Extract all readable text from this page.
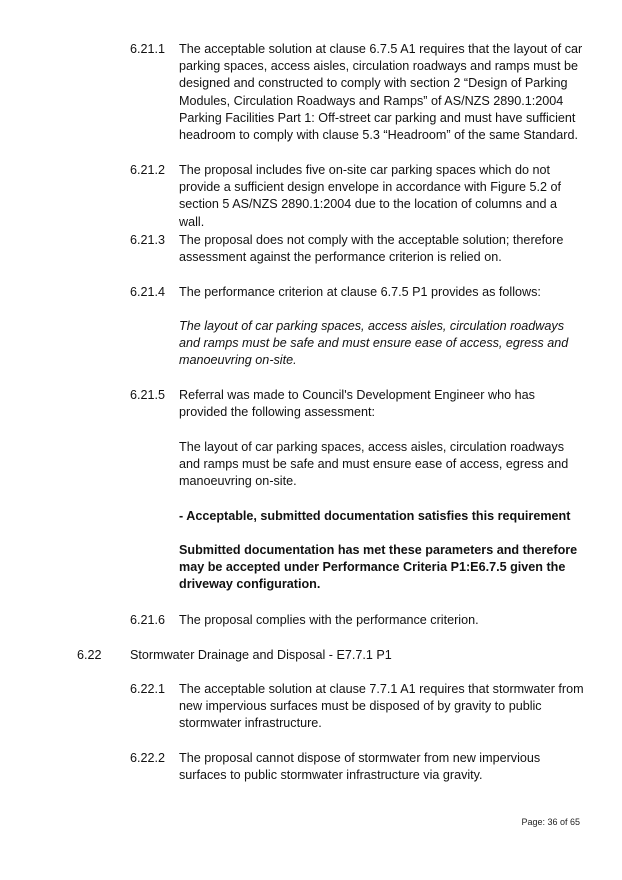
6.21.1 The acceptable solution at clause 6.7.5 A1 requires that the layout of car parking spaces, access aisles, circulation roadways and ramps must be designed and constructed to comply with section 2 “Design of Parking Modules, Circulation Roadways and Ramps” of AS/NZS 2890.1:2004 Parking Facilities Part 1: Off-street car parking and must have sufficient headroom to comply with clause 5.3 “Headroom” of the same Standard.

6.21.2 The proposal includes five on-site car parking spaces which do not provide a sufficient design envelope in accordance with Figure 5.2 of section 5 AS/NZS 2890.1:2004 due to the location of columns and a wall.

6.21.3 The proposal does not comply with the acceptable solution; therefore assessment against the performance criterion is relied on.

6.21.4 The performance criterion at clause 6.7.5 P1 provides as follows:

The layout of car parking spaces, access aisles, circulation roadways and ramps must be safe and must ensure ease of access, egress and manoeuvring on-site.

6.21.5 Referral was made to Council's Development Engineer who has provided the following assessment:

The layout of car parking spaces, access aisles, circulation roadways and ramps must be safe and must ensure ease of access, egress and manoeuvring on-site.

- Acceptable, submitted documentation satisfies this requirement

Submitted documentation has met these parameters and therefore may be accepted under Performance Criteria P1:E6.7.5 given the driveway configuration.

6.21.6 The proposal complies with the performance criterion.

6.22 Stormwater Drainage and Disposal - E7.7.1 P1
6.22.1 The acceptable solution at clause 7.7.1 A1 requires that stormwater from new impervious surfaces must be disposed of by gravity to public stormwater infrastructure.

6.22.2 The proposal cannot dispose of stormwater from new impervious surfaces to public stormwater infrastructure via gravity.

Page: 36 of 65
